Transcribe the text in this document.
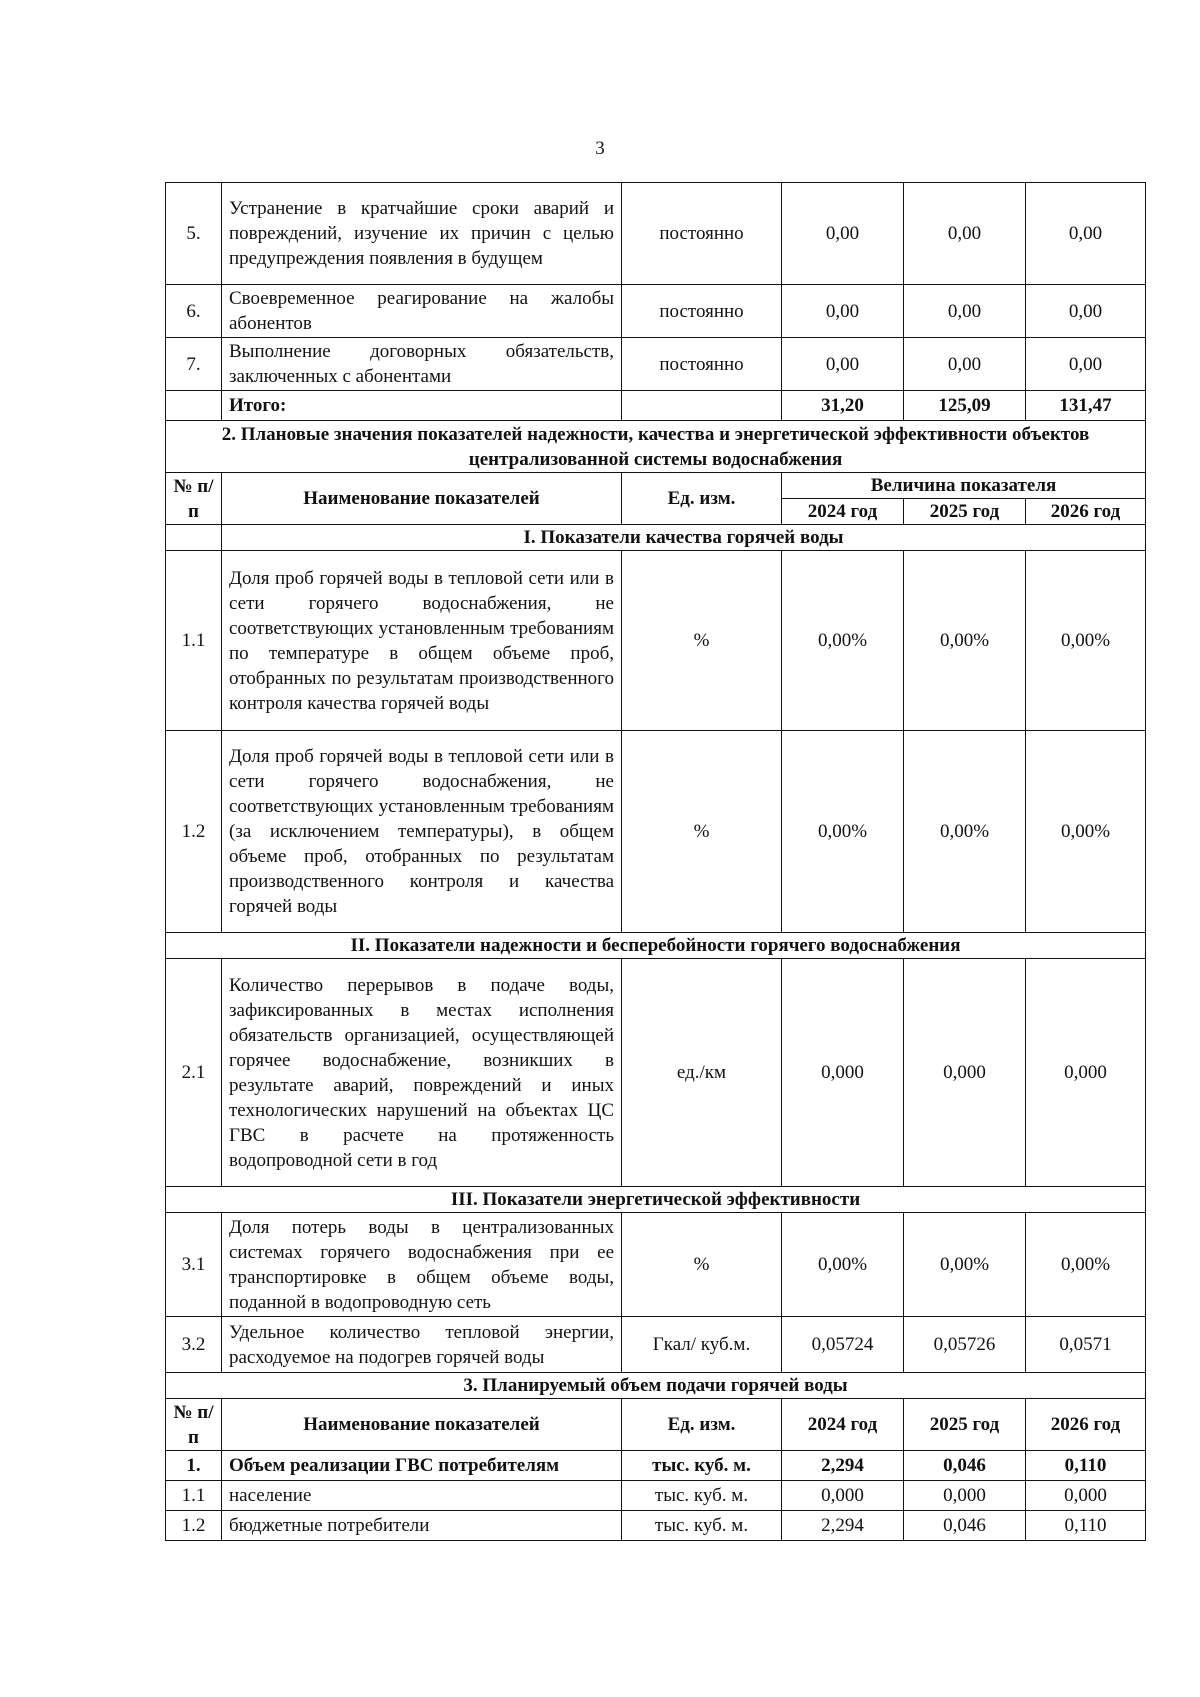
3
5.	Устранение в кратчайшие сроки аварий и повреждений, изучение их причин с целью предупреждения появления в будущем	постоянно	0,00	0,00	0,00
6.	Своевременное реагирование на жалобы абонентов	постоянно	0,00	0,00	0,00
7.	Выполнение договорных обязательств, заключенных с абонентами	постоянно	0,00	0,00	0,00
	Итого:		31,20	125,09	131,47
2. Плановые значения показателей надежности, качества и энергетической эффективности объектов централизованной системы водоснабжения					
№ п/п	Наименование показателей	Ед. изм.	Величина показателя		
			2024 год	2025 год	2026 год
	I. Показатели качества горячей воды				
1.1	Доля проб горячей воды в тепловой сети или в сети горячего водоснабжения, не соответствующих установленным требованиям по температуре в общем объеме проб, отобранных по результатам производственного контроля качества горячей воды	%	0,00%	0,00%	0,00%
1.2	Доля проб горячей воды в тепловой сети или в сети горячего водоснабжения, не соответствующих установленным требованиям (за исключением температуры), в общем объеме проб, отобранных по результатам производственного контроля и качества горячей воды	%	0,00%	0,00%	0,00%
II. Показатели надежности и бесперебойности горячего водоснабжения					
2.1	Количество перерывов в подаче воды, зафиксированных в местах исполнения обязательств организацией, осуществляющей горячее водоснабжение, возникших в результате аварий, повреждений и иных технологических нарушений на объектах ЦС ГВС в расчете на протяженность водопроводной сети в год	ед./км	0,000	0,000	0,000
III. Показатели энергетической эффективности					
3.1	Доля потерь воды в централизованных системах горячего водоснабжения при ее транспортировке в общем объеме воды, поданной в водопроводную сеть	%	0,00%	0,00%	0,00%
3.2	Удельное количество тепловой энергии, расходуемое на подогрев горячей воды	Гкал/ куб.м.	0,05724	0,05726	0,0571
3. Планируемый объем подачи горячей воды					
№ п/п	Наименование показателей	Ед. изм.	2024 год	2025 год	2026 год
1.	Объем реализации ГВС потребителям	тыс. куб. м.	2,294	0,046	0,110
1.1	население	тыс. куб. м.	0,000	0,000	0,000
1.2	бюджетные потребители	тыс. куб. м.	2,294	0,046	0,110
